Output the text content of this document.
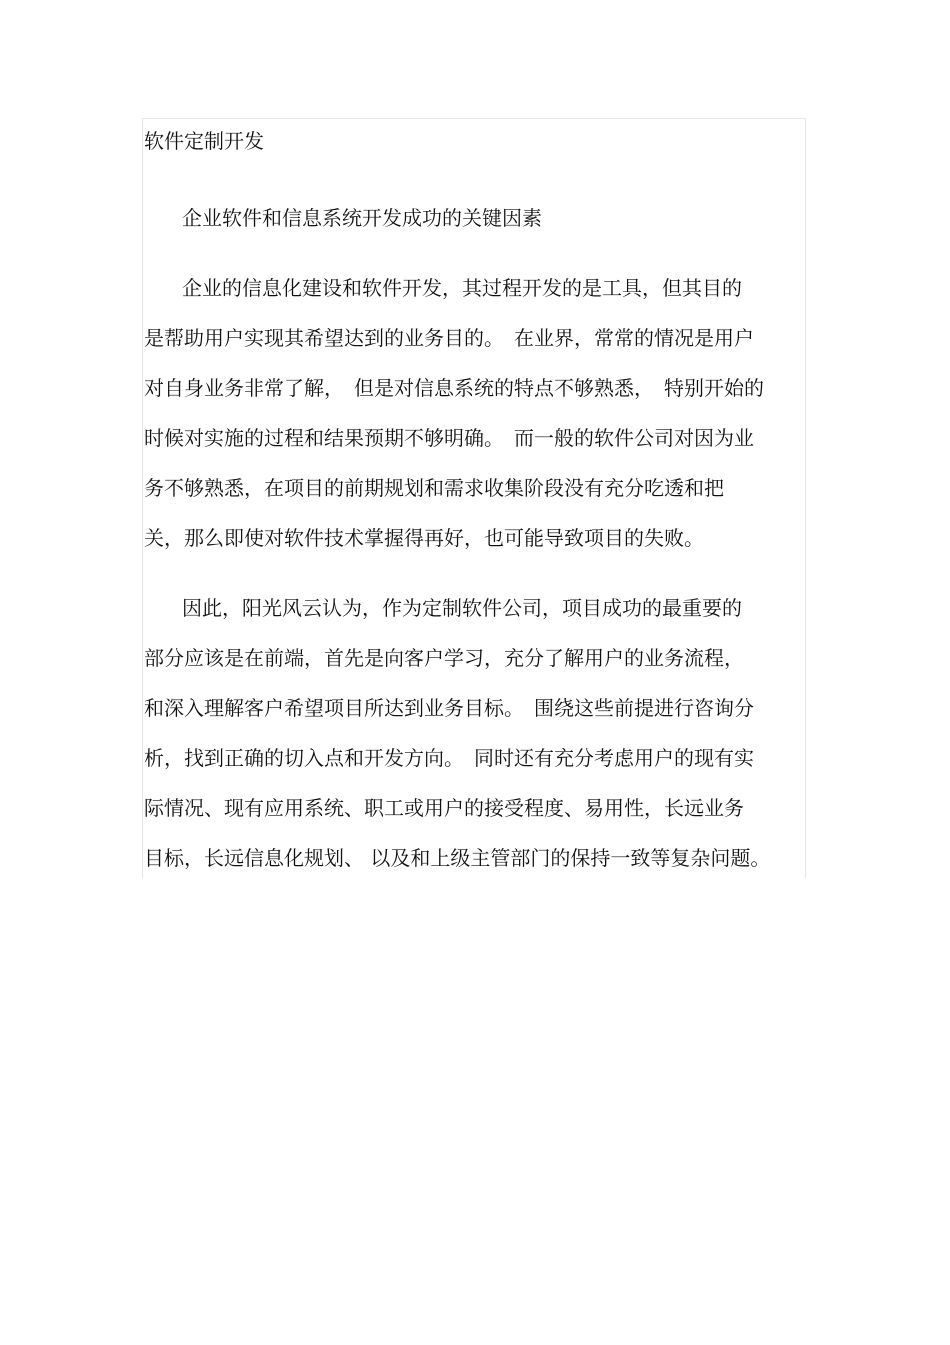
软件定制开发
企业软件和信息系统开发成功的关键因素
企业的信息化建设和软件开发，其过程开发的是工具，但其目的
是帮助用户实现其希望达到的业务目的。　在业界，常常的情况是用户
对自身业务非常了解，　但是对信息系统的特点不够熟悉，　特别开始的
时候对实施的过程和结果预期不够明确。　而一般的软件公司对因为业
务不够熟悉，在项目的前期规划和需求收集阶段没有充分吃透和把
关，那么即使对软件技术掌握得再好，也可能导致项目的失败。
因此，阳光风云认为，作为定制软件公司，项目成功的最重要的
部分应该是在前端，首先是向客户学习，充分了解用户的业务流程，
和深入理解客户希望项目所达到业务目标。　围绕这些前提进行咨询分
析，找到正确的切入点和开发方向。　同时还有充分考虑用户的现有实
际情况、现有应用系统、职工或用户的接受程度、易用性，长远业务
目标，长远信息化规划、 以及和上级主管部门的保持一致等复杂问题。
